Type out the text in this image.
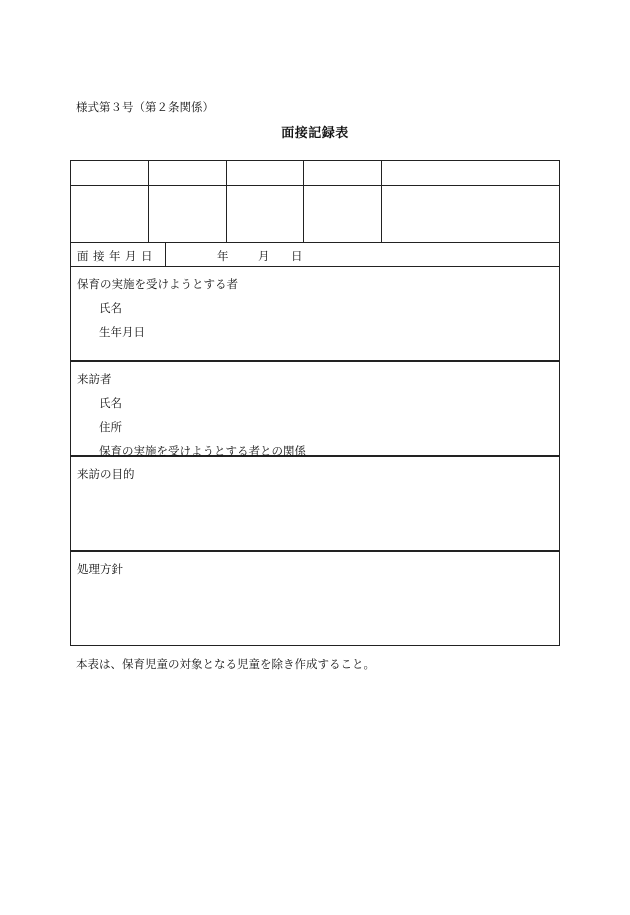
様式第３号（第２条関係）
面接記録表
面接年月日	年	月 日
保育の実施を受けようとする者
氏名
生年月日
来訪者
氏名
住所
保育の実施を受けようとする者との関係
来訪の目的
処理方針
本表は、保育児童の対象となる児童を除き作成すること。
